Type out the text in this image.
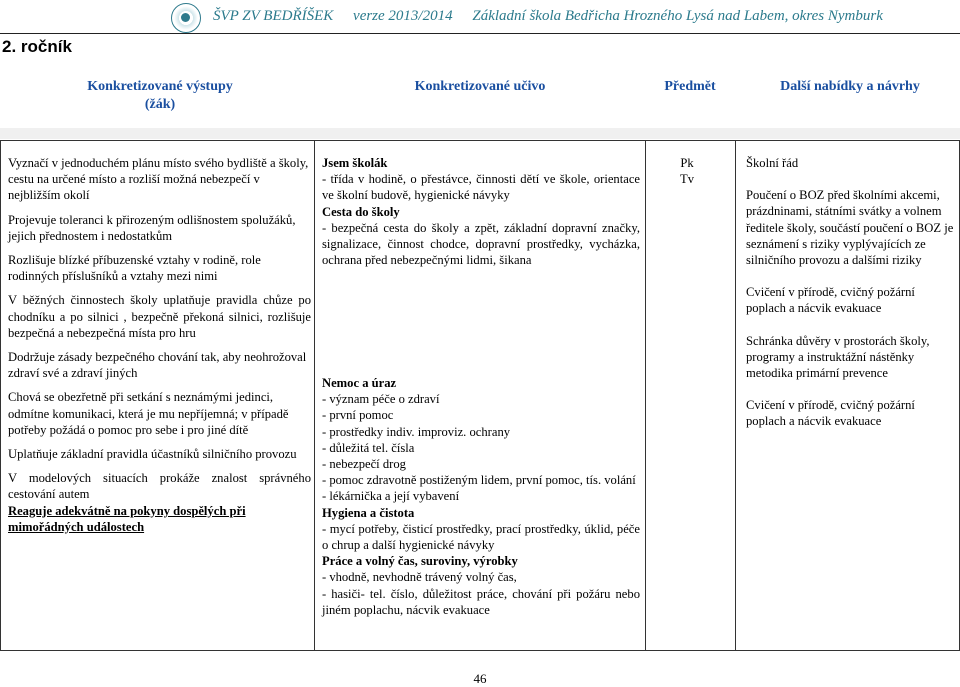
ŠVP ZV BEDŘÍŠEK verze 2013/2014 Základní škola Bedřicha Hrozného Lysá nad Labem, okres Nymburk
2. ročník
Konkretizované výstupy
(žák)
Konkretizované učivo	Předmět	Další nabídky a návrhy

Vyznačí v jednoduchém plánu místo svého bydliště a školy, cestu na určené místo a rozliší možná nebezpečí v nejbližším okolí

Projevuje toleranci k přirozeným odlišnostem spolužáků, jejich přednostem i nedostatkům

Rozlišuje blízké příbuzenské vztahy v rodině, role rodinných příslušníků a vztahy mezi nimi

V běžných činnostech školy uplatňuje pravidla chůze po chodníku a po silnici , bezpečně překoná silnici, rozlišuje bezpečná a nebezpečná místa pro hru

Dodržuje zásady bezpečného chování tak, aby neohrožoval zdraví své a zdraví jiných

Chová se obezřetně při setkání s neznámými jedinci, odmítne komunikaci, která je mu nepříjemná; v případě potřeby požádá o pomoc pro sebe i pro jiné dítě

Uplatňuje základní pravidla účastníků silničního provozu

V modelových situacích prokáže znalost správného cestování autem

Reaguje adekvátně na pokyny dospělých při mimořádných událostech

Jsem školák

- třída v hodině, o přestávce, činnosti dětí ve škole, orientace ve školní budově, hygienické návyky

Cesta do školy

- bezpečná cesta do školy a zpět, základní dopravní značky, signalizace, činnost chodce, dopravní prostředky, vycházka, ochrana před nebezpečnými lidmi, šikana

Nemoc a úraz

- význam péče o zdraví

- první pomoc

- prostředky indiv. improviz. ochrany

- důležitá tel. čísla

- nebezpečí drog

- pomoc zdravotně postiženým lidem, první pomoc, tís. volání

- lékárnička a její vybavení

Hygiena a čistota

- mycí potřeby, čisticí prostředky, prací prostředky, úklid, péče o chrup a další hygienické návyky

Práce a volný čas, suroviny, výrobky

- vhodně, nevhodně trávený volný čas,

- hasiči- tel. číslo, důležitost práce, chování při požáru nebo jiném poplachu, nácvik evakuace

Pk

Tv

Školní řád

Poučení o BOZ před školními akcemi, prázdninami, státními svátky a volnem ředitele školy, součástí poučení o BOZ je seznámení s riziky vyplývajících ze silničního provozu a dalšími riziky

Cvičení v přírodě, cvičný požární poplach a nácvik evakuace

Schránka důvěry v prostorách školy, programy a instruktážní nástěnky metodika primární prevence

Cvičení v přírodě, cvičný požární poplach a nácvik evakuace

46
